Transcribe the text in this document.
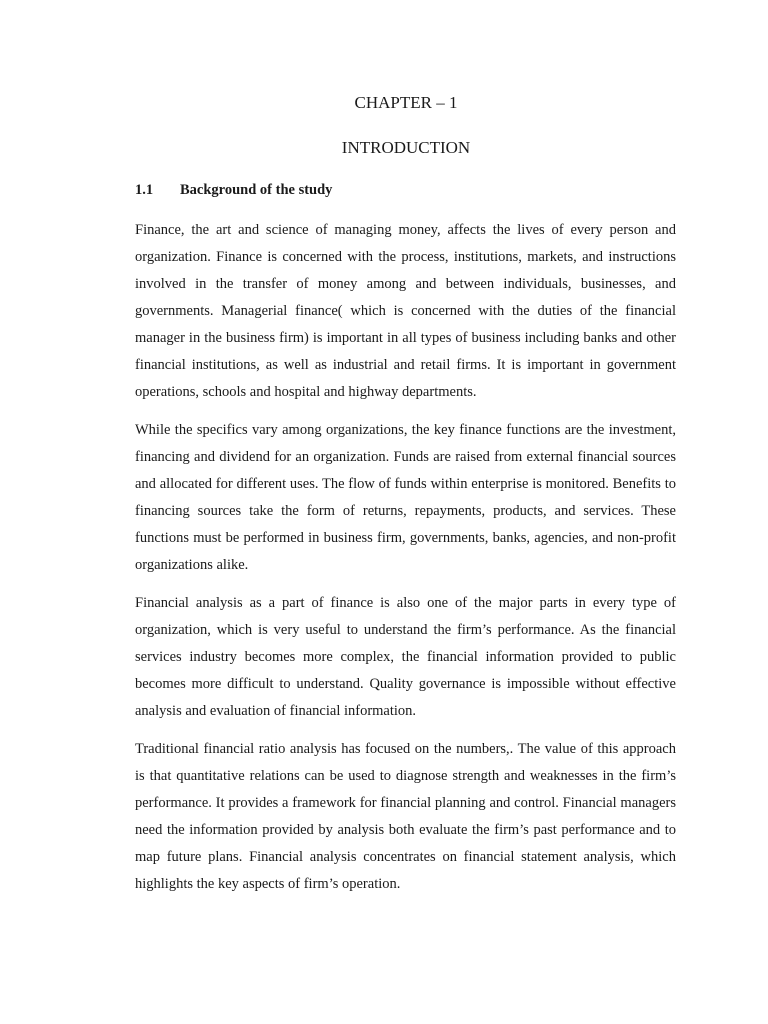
CHAPTER – 1
INTRODUCTION
1.1 Background of the study

Finance, the art and science of managing money, affects the lives of every person and organization. Finance is concerned with the process, institutions, markets, and instructions involved in the transfer of money among and between individuals, businesses, and governments. Managerial finance( which is concerned with the duties of the financial manager in the business firm) is important in all types of business including banks and other financial institutions, as well as industrial and retail firms. It is important in government operations, schools and hospital and highway departments.

While the specifics vary among organizations, the key finance functions are the investment, financing and dividend for an organization. Funds are raised from external financial sources and allocated for different uses. The flow of funds within enterprise is monitored. Benefits to financing sources take the form of returns, repayments, products, and services. These functions must be performed in business firm, governments, banks, agencies, and non-profit organizations alike.

Financial analysis as a part of finance is also one of the major parts in every type of organization, which is very useful to understand the firm’s performance. As the financial services industry becomes more complex, the financial information provided to public becomes more difficult to understand. Quality governance is impossible without effective analysis and evaluation of financial information.

Traditional financial ratio analysis has focused on the numbers,. The value of this approach is that quantitative relations can be used to diagnose strength and weaknesses in the firm’s performance. It provides a framework for financial planning and control. Financial managers need the information provided by analysis both evaluate the firm’s past performance and to map future plans. Financial analysis concentrates on financial statement analysis, which highlights the key aspects of firm’s operation.
